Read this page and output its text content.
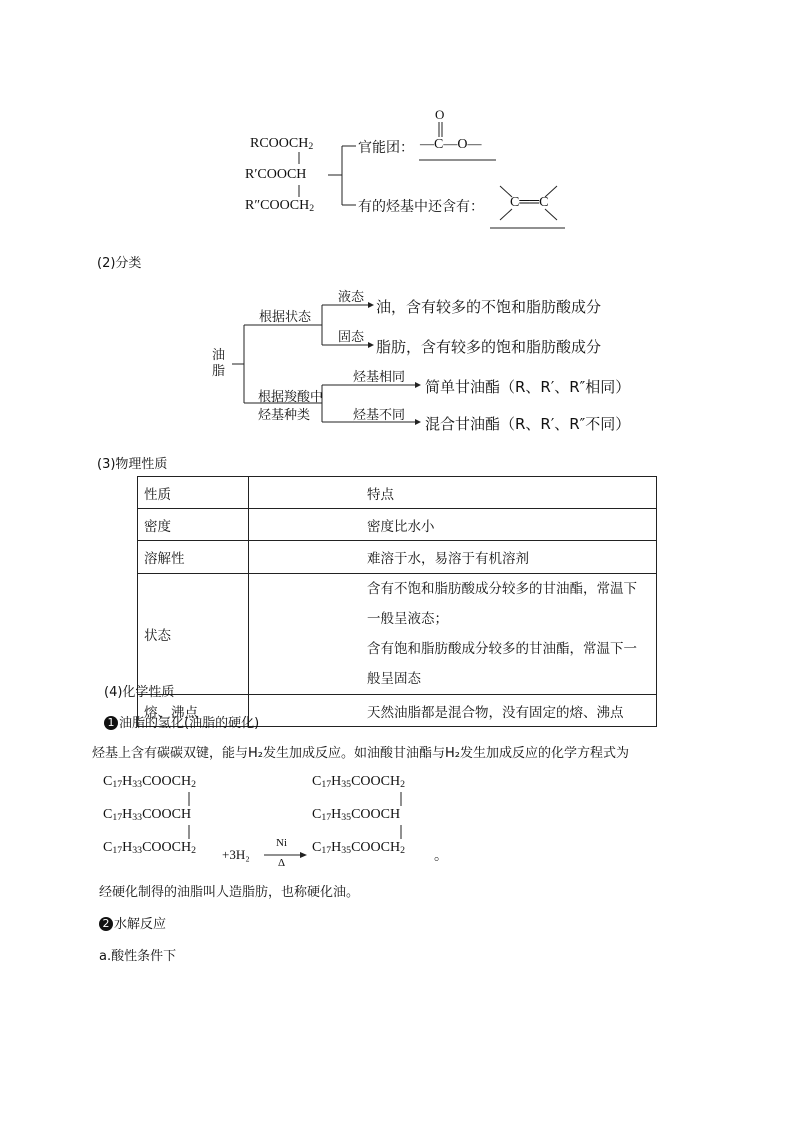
$RCOOCH_2$
R′COOCH
$R''COOCH_2$
官能团：
O
—C—O—
有的烃基中还含有： C══C
(2)分类
油
脂
根据状态
液态
油，含有较多的不饱和脂肪酸成分
固态
脂肪，含有较多的饱和脂肪酸成分
根据羧酸中
烃基种类
烃基相同
简单甘油酯（R、R′、R″相同）
烃基不同 混合甘油酯（R、R′、R″不同）
(3)物理性质
性质	特点
密度	密度比水小
溶解性	难溶于水，易溶于有机溶剂
状态	含有不饱和脂肪酸成分较多的甘油酯，常温下一般呈液态；
含有饱和脂肪酸成分较多的甘油酯，常温下一般呈固态

熔、沸点	天然油脂都是混合物，没有固定的熔、沸点
(4)化学性质
1 油脂的氢化(油脂的硬化)
烃基上含有碳碳双键，能与H₂发生加成反应。如油酸甘油酯与H₂发生加成反应的化学方程式为
$C_{17}H_{33}COOCH_2$
$C_{17}H_{33}COOCH$
$C_{17}H_{33}COOCH_2 +3H_2$
Ni
Δ
$C_{17}H_{35}COOCH_2$
$C_{17}H_{35}COOCH$
$C_{17}H_{35}COOCH_2$ 。
经硬化制得的油脂叫人造脂肪，也称硬化油。
2 水解反应
a.酸性条件下
